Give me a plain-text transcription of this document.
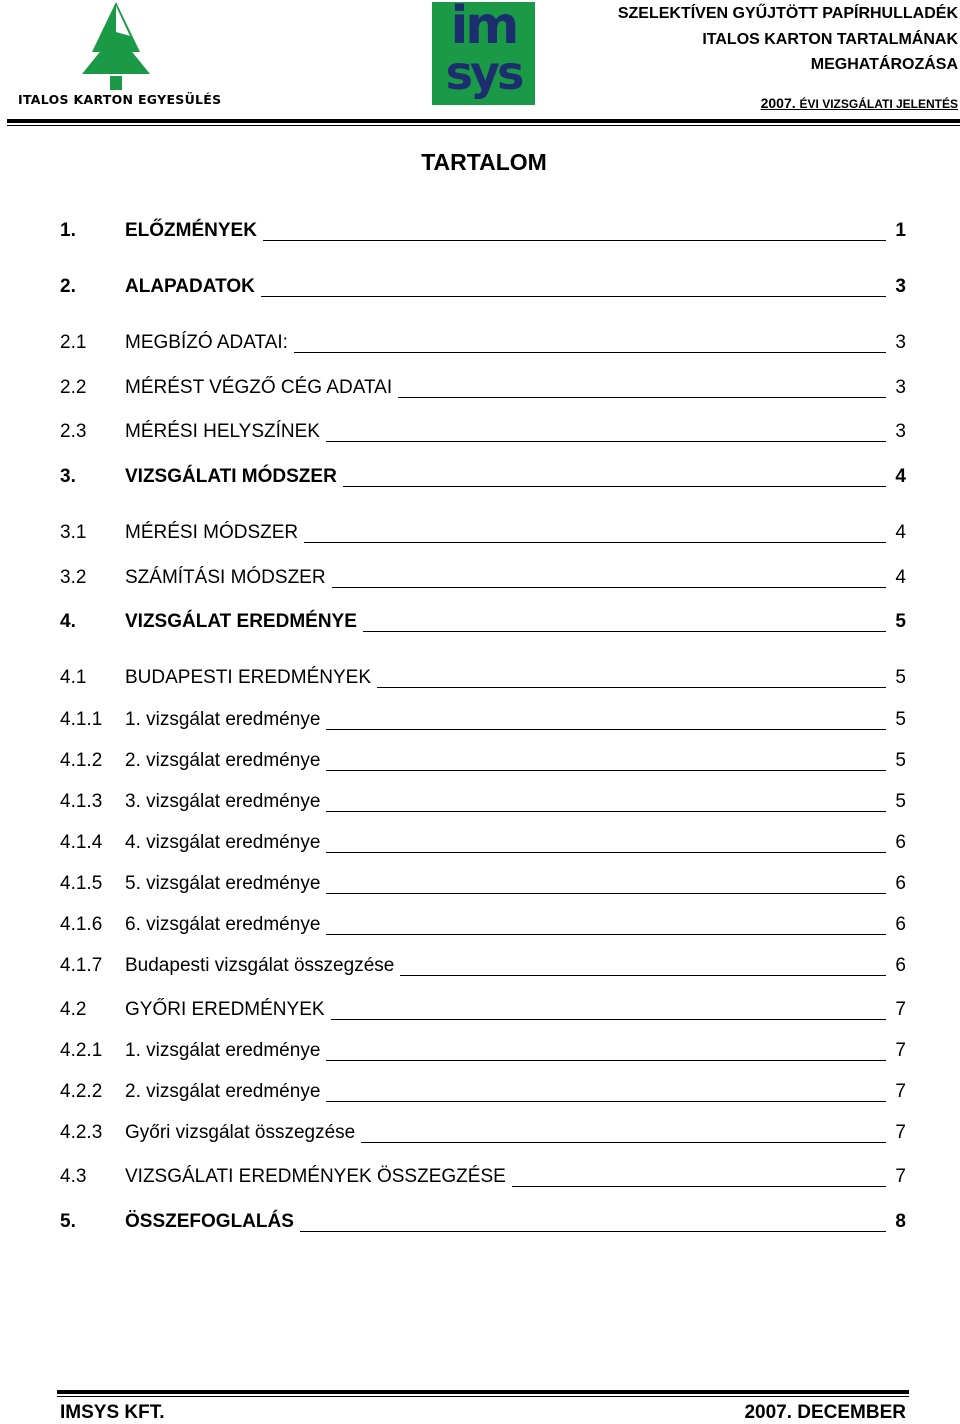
ITALOS KARTON EGYESÜLÉS
im
sys
SZELEKTÍVEN GYŰJTÖTT PAPÍRHULLADÉK
ITALOS KARTON TARTALMÁNAK
MEGHATÁROZÁSA
2007. ÉVI VIZSGÁLATI JELENTÉS
TARTALOM
1.	ELŐZMÉNYEK	1
2.	ALAPADATOK	3
2.1 MEGBÍZÓ ADATAI:	3
2.2 MÉRÉST VÉGZŐ CÉG ADATAI	3
2.3 MÉRÉSI HELYSZÍNEK	3
3.	VIZSGÁLATI MÓDSZER	4
3.1 MÉRÉSI MÓDSZER	4
3.2 SZÁMÍTÁSI MÓDSZER	4
4.	VIZSGÁLAT EREDMÉNYE	5
4.1 BUDAPESTI EREDMÉNYEK	5
4.1.1 1. vizsgálat eredménye	5
4.1.2 2. vizsgálat eredménye	5
4.1.3 3. vizsgálat eredménye	5
4.1.4 4. vizsgálat eredménye	6
4.1.5 5. vizsgálat eredménye	6
4.1.6 6. vizsgálat eredménye	6
4.1.7 Budapesti vizsgálat összegzése	6
4.2 GYŐRI EREDMÉNYEK	7
4.2.1 1. vizsgálat eredménye	7
4.2.2 2. vizsgálat eredménye	7
4.2.3 Győri vizsgálat összegzése	7
4.3 VIZSGÁLATI EREDMÉNYEK ÖSSZEGZÉSE	7
5.	ÖSSZEFOGLALÁS	8
IMSYS KFT.	2007. DECEMBER
